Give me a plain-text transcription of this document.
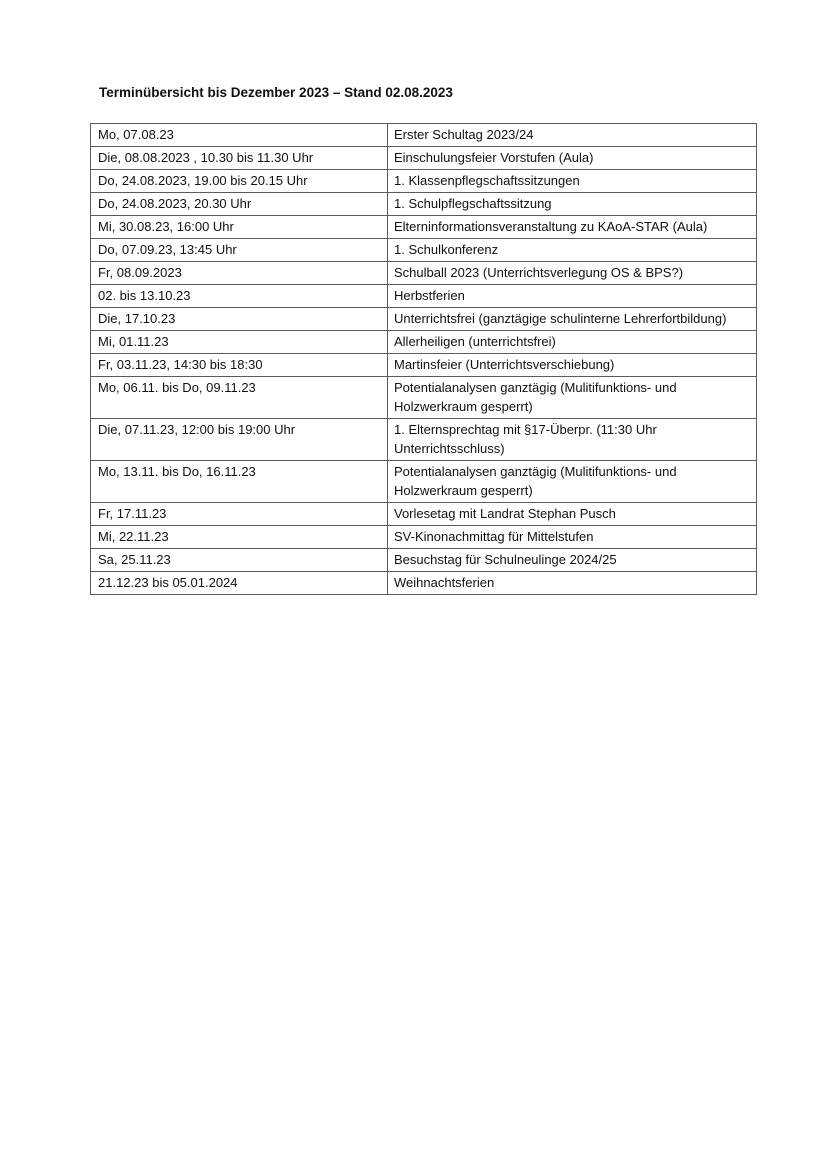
Terminübersicht bis Dezember 2023 – Stand 02.08.2023
Mo, 07.08.23	Erster Schultag 2023/24
Die, 08.08.2023 , 10.30 bis 11.30 Uhr	Einschulungsfeier Vorstufen (Aula)
Do, 24.08.2023, 19.00 bis 20.15 Uhr	1. Klassenpflegschaftssitzungen
Do, 24.08.2023, 20.30 Uhr	1. Schulpflegschaftssitzung
Mi, 30.08.23, 16:00 Uhr	Elterninformationsveranstaltung zu KAoA-STAR (Aula)
Do, 07.09.23, 13:45 Uhr	1. Schulkonferenz
Fr, 08.09.2023	Schulball 2023 (Unterrichtsverlegung OS & BPS?)
02. bis 13.10.23	Herbstferien
Die, 17.10.23	Unterrichtsfrei (ganztägige schulinterne Lehrerfortbildung)
Mi, 01.11.23	Allerheiligen (unterrichtsfrei)
Fr, 03.11.23, 14:30 bis 18:30	Martinsfeier (Unterrichtsverschiebung)
Mo, 06.11. bis Do, 09.11.23	Potentialanalysen ganztägig (Mulitifunktions- und Holzwerkraum gesperrt)
Die, 07.11.23, 12:00 bis 19:00 Uhr	1. Elternsprechtag mit §17-Überpr. (11:30 Uhr Unterrichtsschluss)
Mo, 13.11. bis Do, 16.11.23	Potentialanalysen ganztägig (Mulitifunktions- und Holzwerkraum gesperrt)
Fr, 17.11.23	Vorlesetag mit Landrat Stephan Pusch
Mi, 22.11.23	SV-Kinonachmittag für Mittelstufen
Sa, 25.11.23	Besuchstag für Schulneulinge 2024/25
21.12.23 bis 05.01.2024	Weihnachtsferien
